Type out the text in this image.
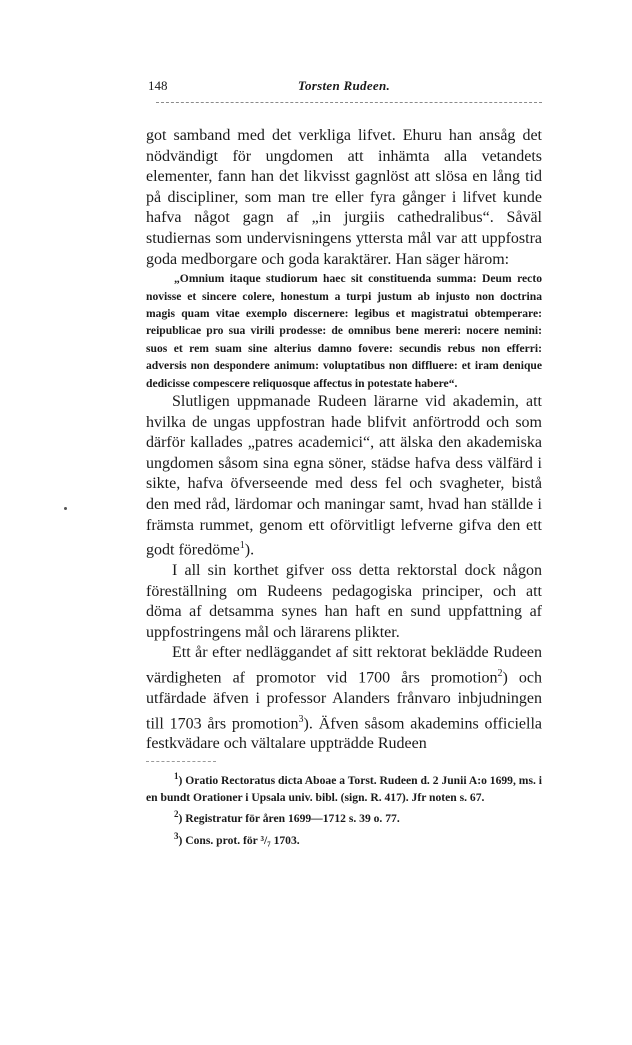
148	Torsten Rudeen.

got samband med det verkliga lifvet. Ehuru han ansåg det nödvändigt för ungdomen att inhämta alla vetandets elementer, fann han det likvisst gagnlöst att slösa en lång tid på discipliner, som man tre eller fyra gånger i lifvet kunde hafva något gagn af „in jurgiis cathedralibus“. Såväl studiernas som undervisningens yttersta mål var att uppfostra goda medborgare och goda karaktärer. Han säger härom:

„Omnium itaque studiorum haec sit constituenda summa: Deum recto novisse et sincere colere, honestum a turpi justum ab injusto non doctrina magis quam vitae exemplo discernere: legibus et magistratui obtemperare: reipublicae pro sua virili prodesse: de omnibus bene mereri: nocere nemini: suos et rem suam sine alterius damno fovere: secundis rebus non efferri: adversis non despondere animum: voluptatibus non diffluere: et iram denique dedicisse compescere reliquosque affectus in potestate habere“.

Slutligen uppmanade Rudeen lärarne vid akademin, att hvilka de ungas uppfostran hade blifvit anförtrodd och som därför kallades „patres academici“, att älska den akademiska ungdomen såsom sina egna söner, städse hafva dess välfärd i sikte, hafva öfverseende med dess fel och svagheter, bistå den med råd, lärdomar och maningar samt, hvad han ställde i främsta rummet, genom ett oförvitligt lefverne gifva den ett godt föredöme$^1$).

I all sin korthet gifver oss detta rektorstal dock någon föreställning om Rudeens pedagogiska principer, och att döma af detsamma synes han haft en sund uppfattning af uppfostringens mål och lärarens plikter.

Ett år efter nedläggandet af sitt rektorat beklädde Rudeen värdigheten af promotor vid 1700 års promotion$^2$) och utfärdade äfven i professor Alanders frånvaro inbjudningen till 1703 års promotion$^3$). Äfven såsom akademins officiella festkvädare och vältalare uppträdde Rudeen

$^1$) Oratio Rectoratus dicta Aboae a Torst. Rudeen d. 2 Junii A:o 1699, ms. i en bundt Orationer i Upsala univ. bibl. (sign. R. 417). Jfr noten s. 67.

$^2$) Registratur för åren 1699—1712 s. 39 o. 77.

$^3$) Cons. prot. för ³/₇ 1703.
